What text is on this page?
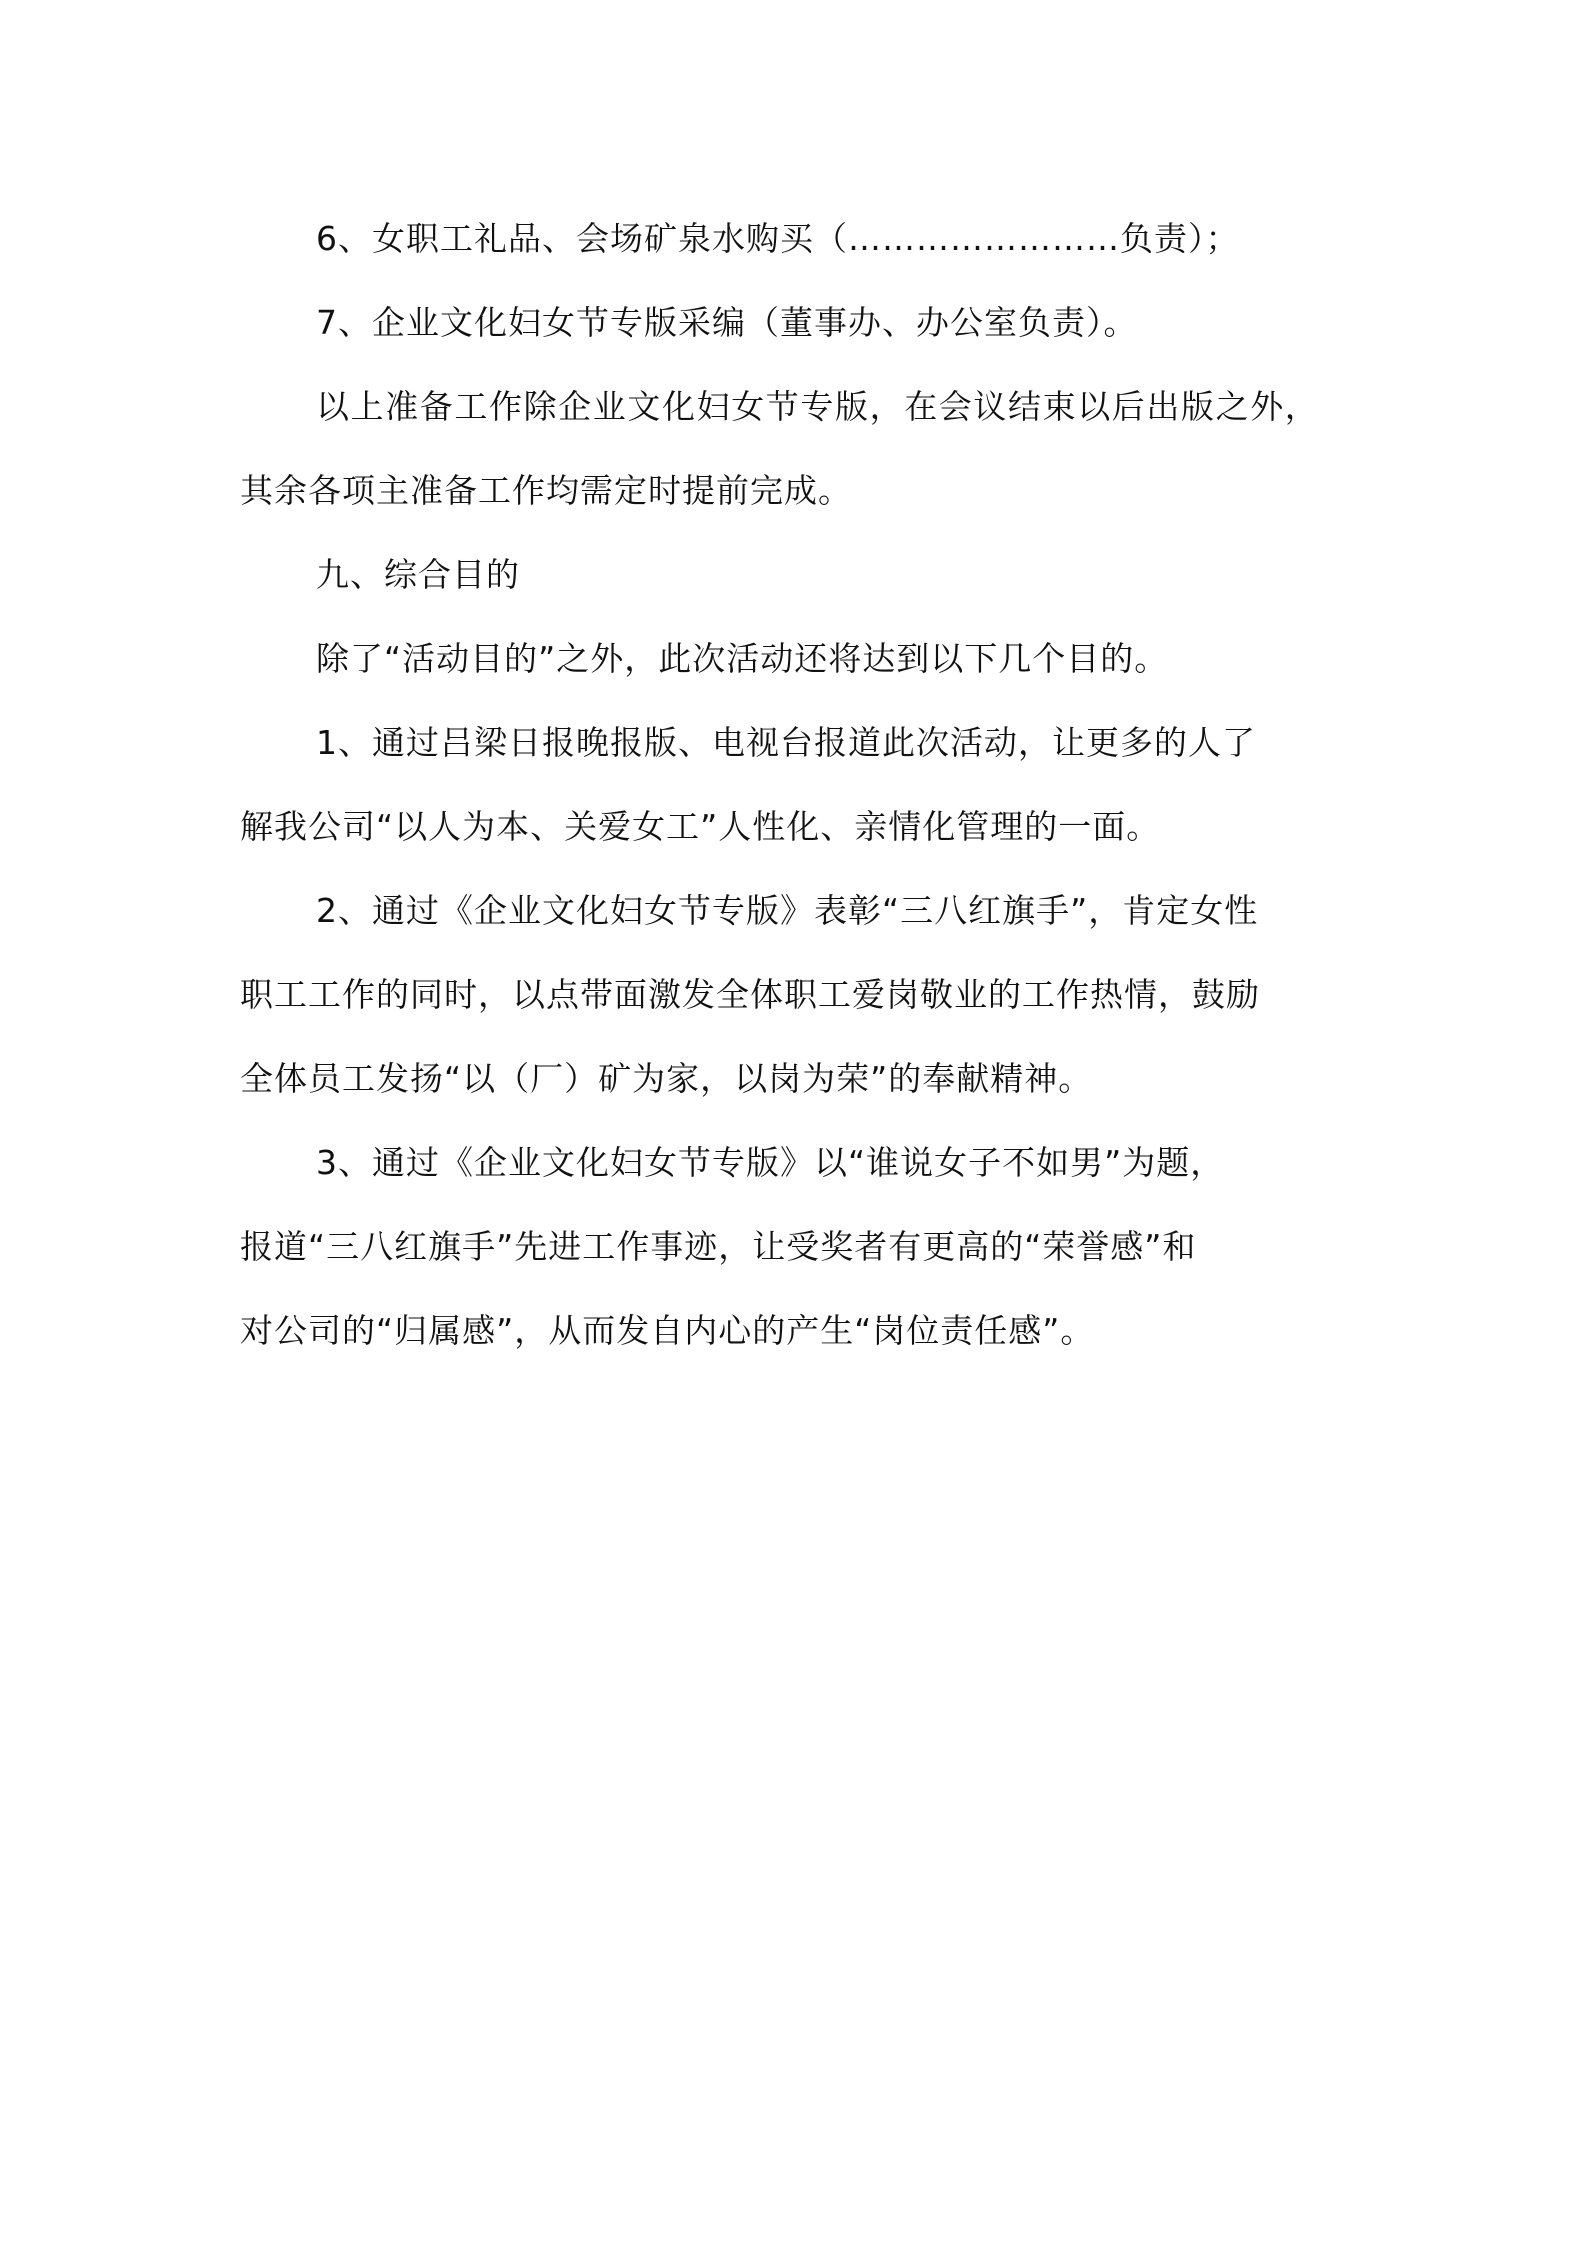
6、女职工礼品、会场矿泉水购买（……………………负责）；
7、企业文化妇女节专版采编（董事办、办公室负责）。
以上准备工作除企业文化妇女节专版，在会议结束以后出版之外，
其余各项主准备工作均需定时提前完成。
九、综合目的
除了“活动目的”之外，此次活动还将达到以下几个目的。
1、通过吕梁日报晚报版、电视台报道此次活动，让更多的人了
解我公司“以人为本、关爱女工”人性化、亲情化管理的一面。
2、通过《企业文化妇女节专版》表彰“三八红旗手”，肯定女性
职工工作的同时，以点带面激发全体职工爱岗敬业的工作热情，鼓励
全体员工发扬“以（厂）矿为家，以岗为荣”的奉献精神。
3、通过《企业文化妇女节专版》以“谁说女子不如男”为题，
报道“三八红旗手”先进工作事迹，让受奖者有更高的“荣誉感”和
对公司的“归属感”，从而发自内心的产生“岗位责任感”。
